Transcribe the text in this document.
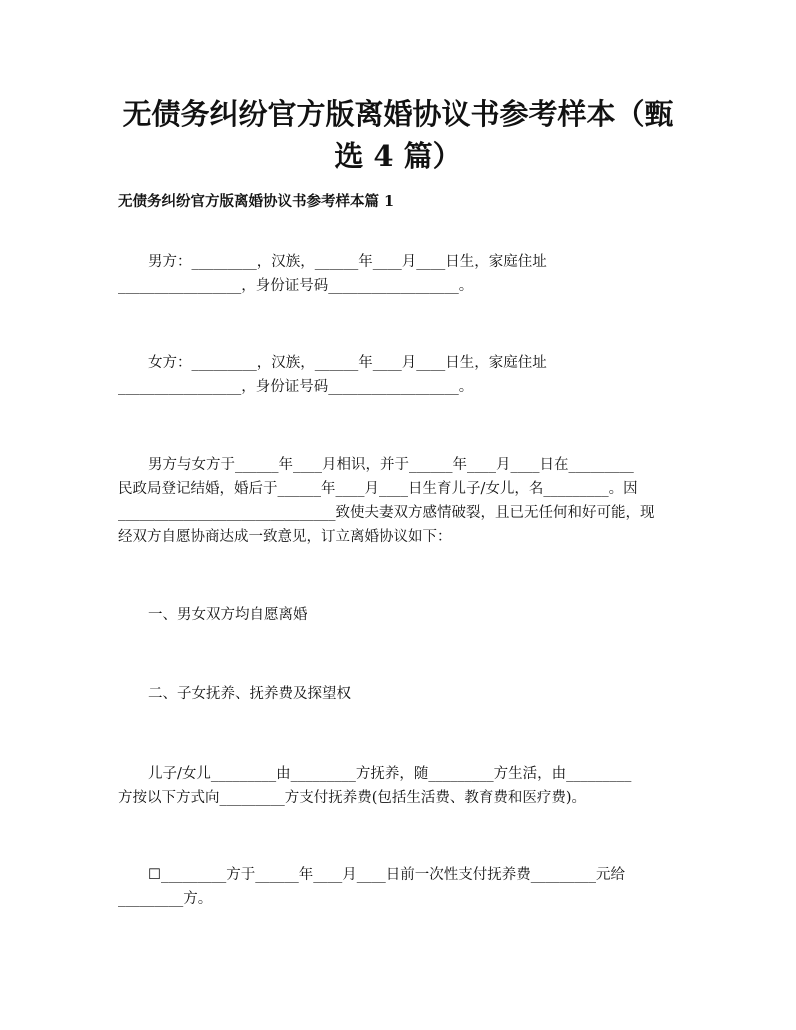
无债务纠纷官方版离婚协议书参考样本（甄
选 4 篇）
无债务纠纷官方版离婚协议书参考样本篇 1

男方：_________，汉族，______年____月____日生，家庭住址
_________________，身份证号码__________________。

女方：_________，汉族，______年____月____日生，家庭住址
_________________，身份证号码__________________。

男方与女方于______年____月相识，并于______年____月____日在_________
民政局登记结婚，婚后于______年____月____日生育儿子/女儿，名_________。因
______________________________致使夫妻双方感情破裂，且已无任何和好可能，现
经双方自愿协商达成一致意见，订立离婚协议如下：

一、男女双方均自愿离婚

二、子女抚养、抚养费及探望权

儿子/女儿_________由_________方抚养，随_________方生活，由_________
方按以下方式向_________方支付抚养费(包括生活费、教育费和医疗费)。

☐_________方于______年____月____日前一次性支付抚养费_________元给
_________方。
